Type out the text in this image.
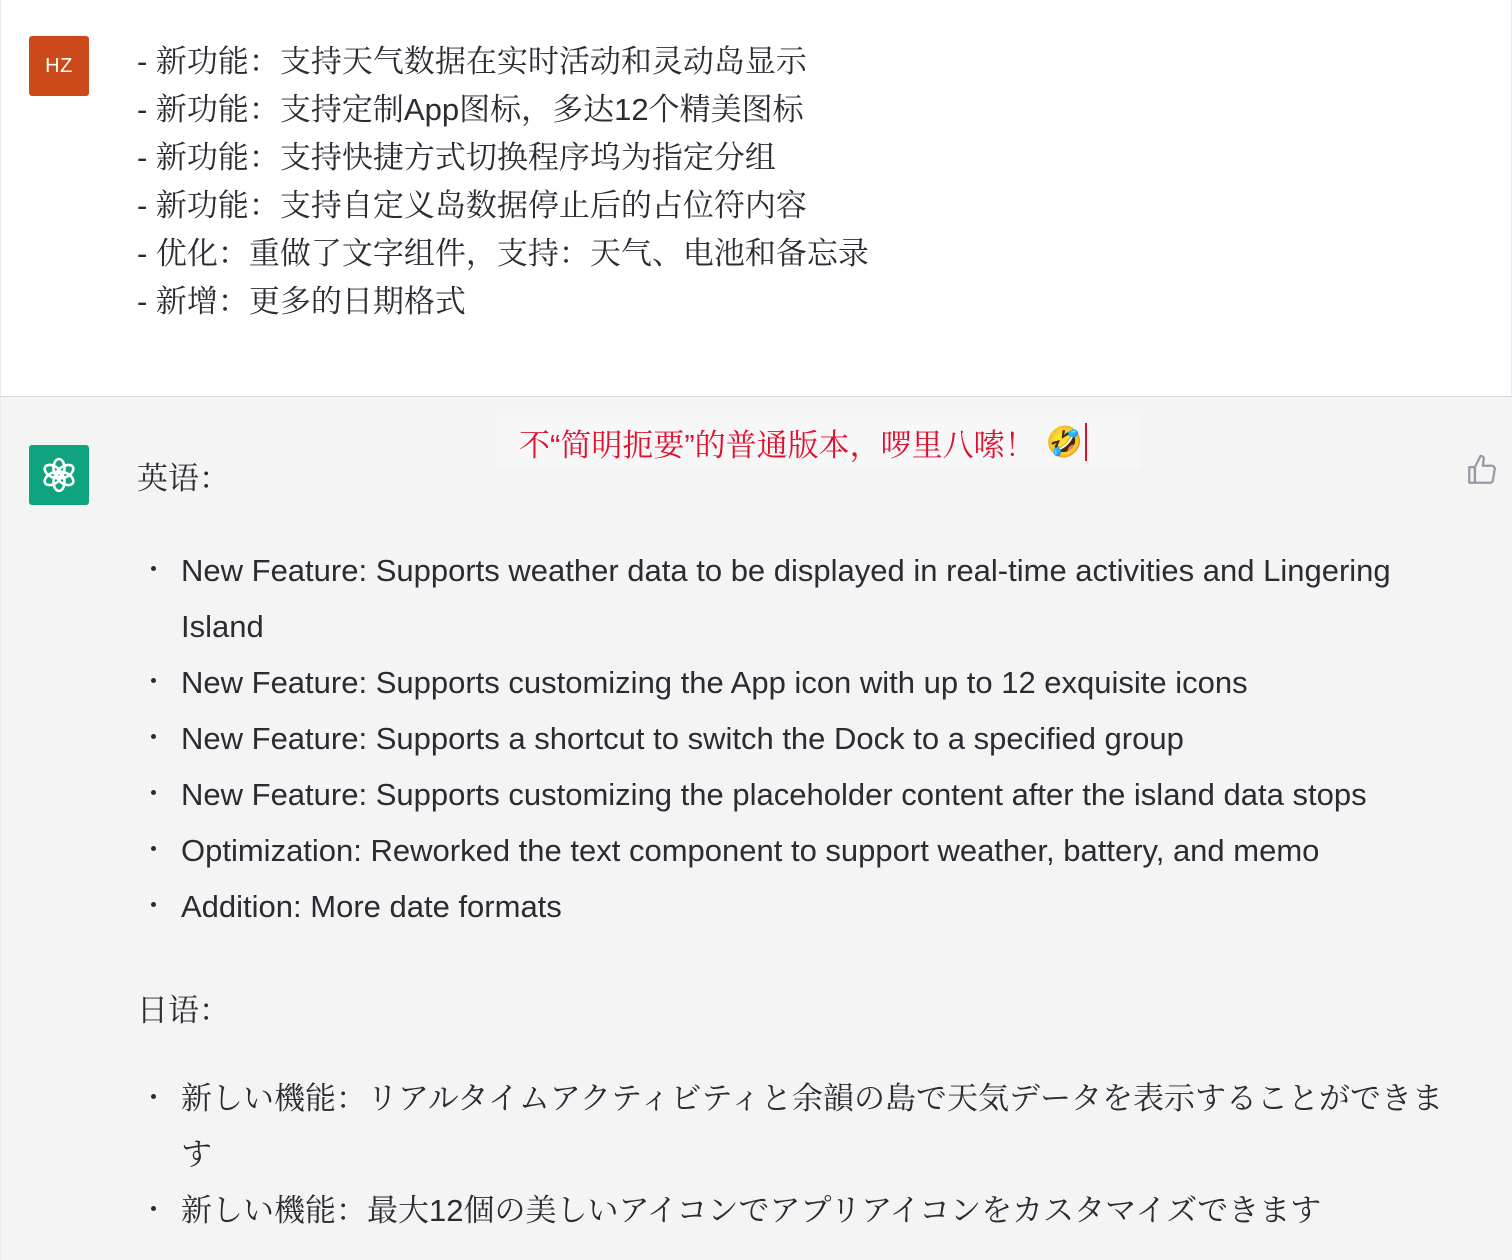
HZ - 新功能：支持天气数据在实时活动和灵动岛显示
- 新功能：支持定制App图标，多达12个精美图标
- 新功能：支持快捷方式切换程序坞为指定分组
- 新功能：支持自定义岛数据停止后的占位符内容
- 优化：重做了文字组件，支持：天气、电池和备忘录
- 新增：更多的日期格式
不“简明扼要”的普通版本，啰里八嗦！ 🤣
英语：
New Feature: Supports weather data to be displayed in real-time activities and Lingering Island
New Feature: Supports customizing the App icon with up to 12 exquisite icons
New Feature: Supports a shortcut to switch the Dock to a specified group
New Feature: Supports customizing the placeholder content after the island data stops
Optimization: Reworked the text component to support weather, battery, and memo
Addition: More date formats
日语：
新しい機能：リアルタイムアクティビティと余韻の島で天気データを表示することができます
新しい機能：最大12個の美しいアイコンでアプリアイコンをカスタマイズできます
